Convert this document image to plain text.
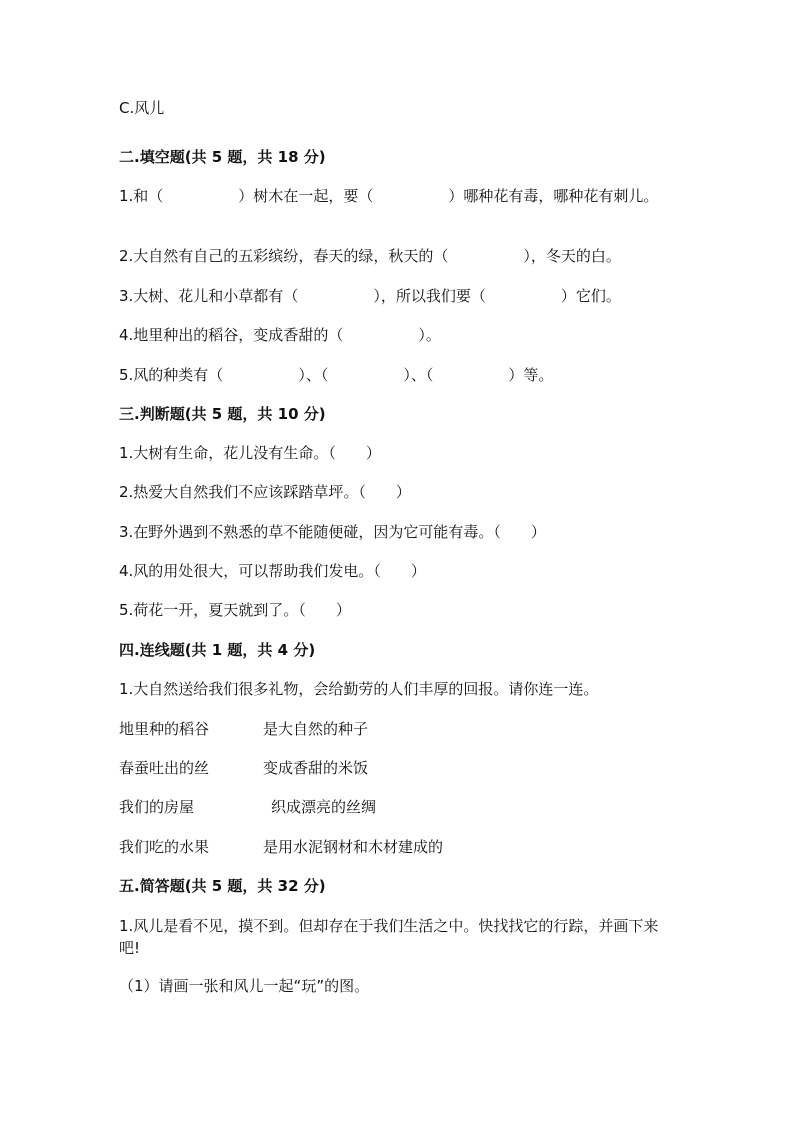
C.风儿
二.填空题(共 5 题，共 18 分)
1.和（　　　　　）树木在一起，要（　　　　　）哪种花有毒，哪种花有刺儿。
2.大自然有自己的五彩缤纷，春天的绿，秋天的（　　　　　），冬天的白。
3.大树、花儿和小草都有（　　　　　），所以我们要（　　　　　）它们。
4.地里种出的稻谷，变成香甜的（　　　　　）。
5.风的种类有（　　　　　）、（　　　　　）、（　　　　　）等。
三.判断题(共 5 题，共 10 分)
1.大树有生命，花儿没有生命。（　　）
2.热爱大自然我们不应该踩踏草坪。（　　）
3.在野外遇到不熟悉的草不能随便碰，因为它可能有毒。（　　）
4.风的用处很大，可以帮助我们发电。（　　）
5.荷花一开，夏天就到了。（　　）
四.连线题(共 1 题，共 4 分)
1.大自然送给我们很多礼物，会给勤劳的人们丰厚的回报。请你连一连。
地里种的稻谷	是大自然的种子
春蚕吐出的丝	变成香甜的米饭
我们的房屋	织成漂亮的丝绸
我们吃的水果	是用水泥钢材和木材建成的
五.简答题(共 5 题，共 32 分)
1.风儿是看不见，摸不到。但却存在于我们生活之中。快找找它的行踪，并画下来吧!
（1）请画一张和风儿一起“玩”的图。
